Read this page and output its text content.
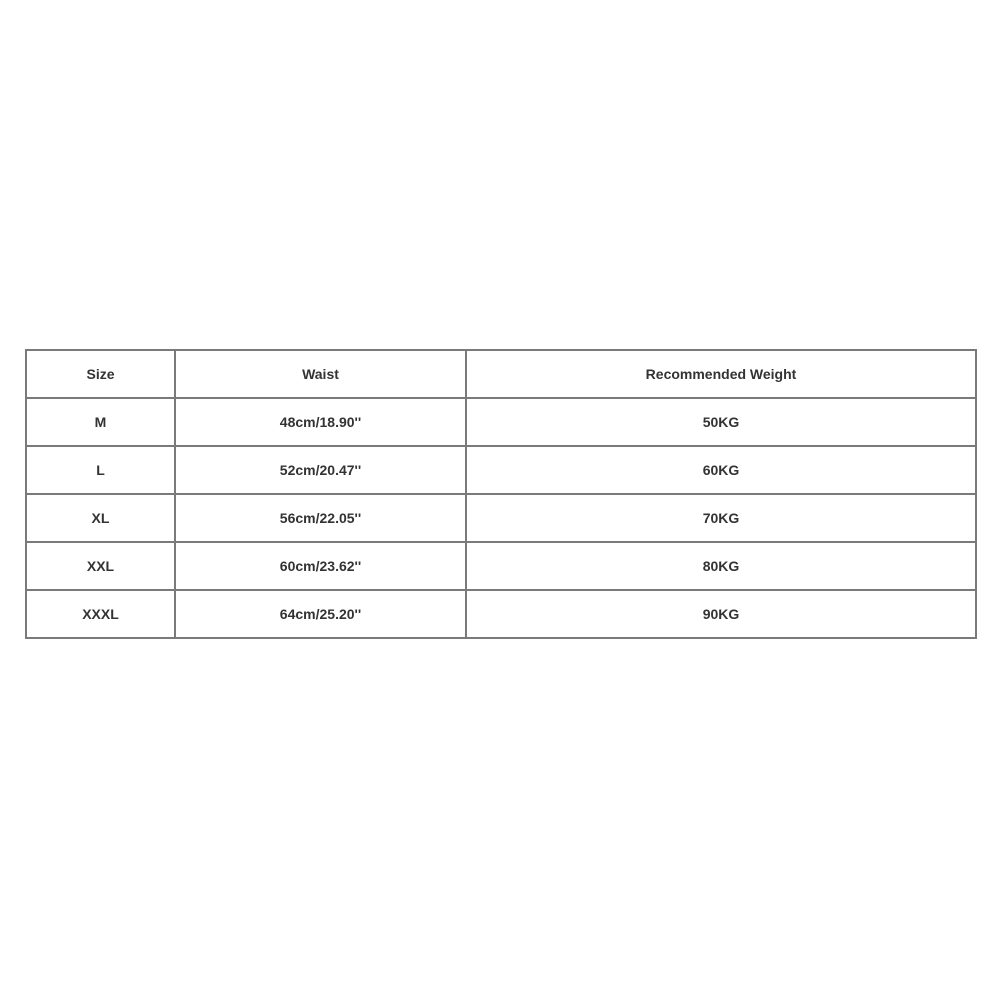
Size	Waist	Recommended Weight
M	48cm/18.90''	50KG
L	52cm/20.47''	60KG
XL	56cm/22.05''	70KG
XXL	60cm/23.62''	80KG
XXXL	64cm/25.20''	90KG
